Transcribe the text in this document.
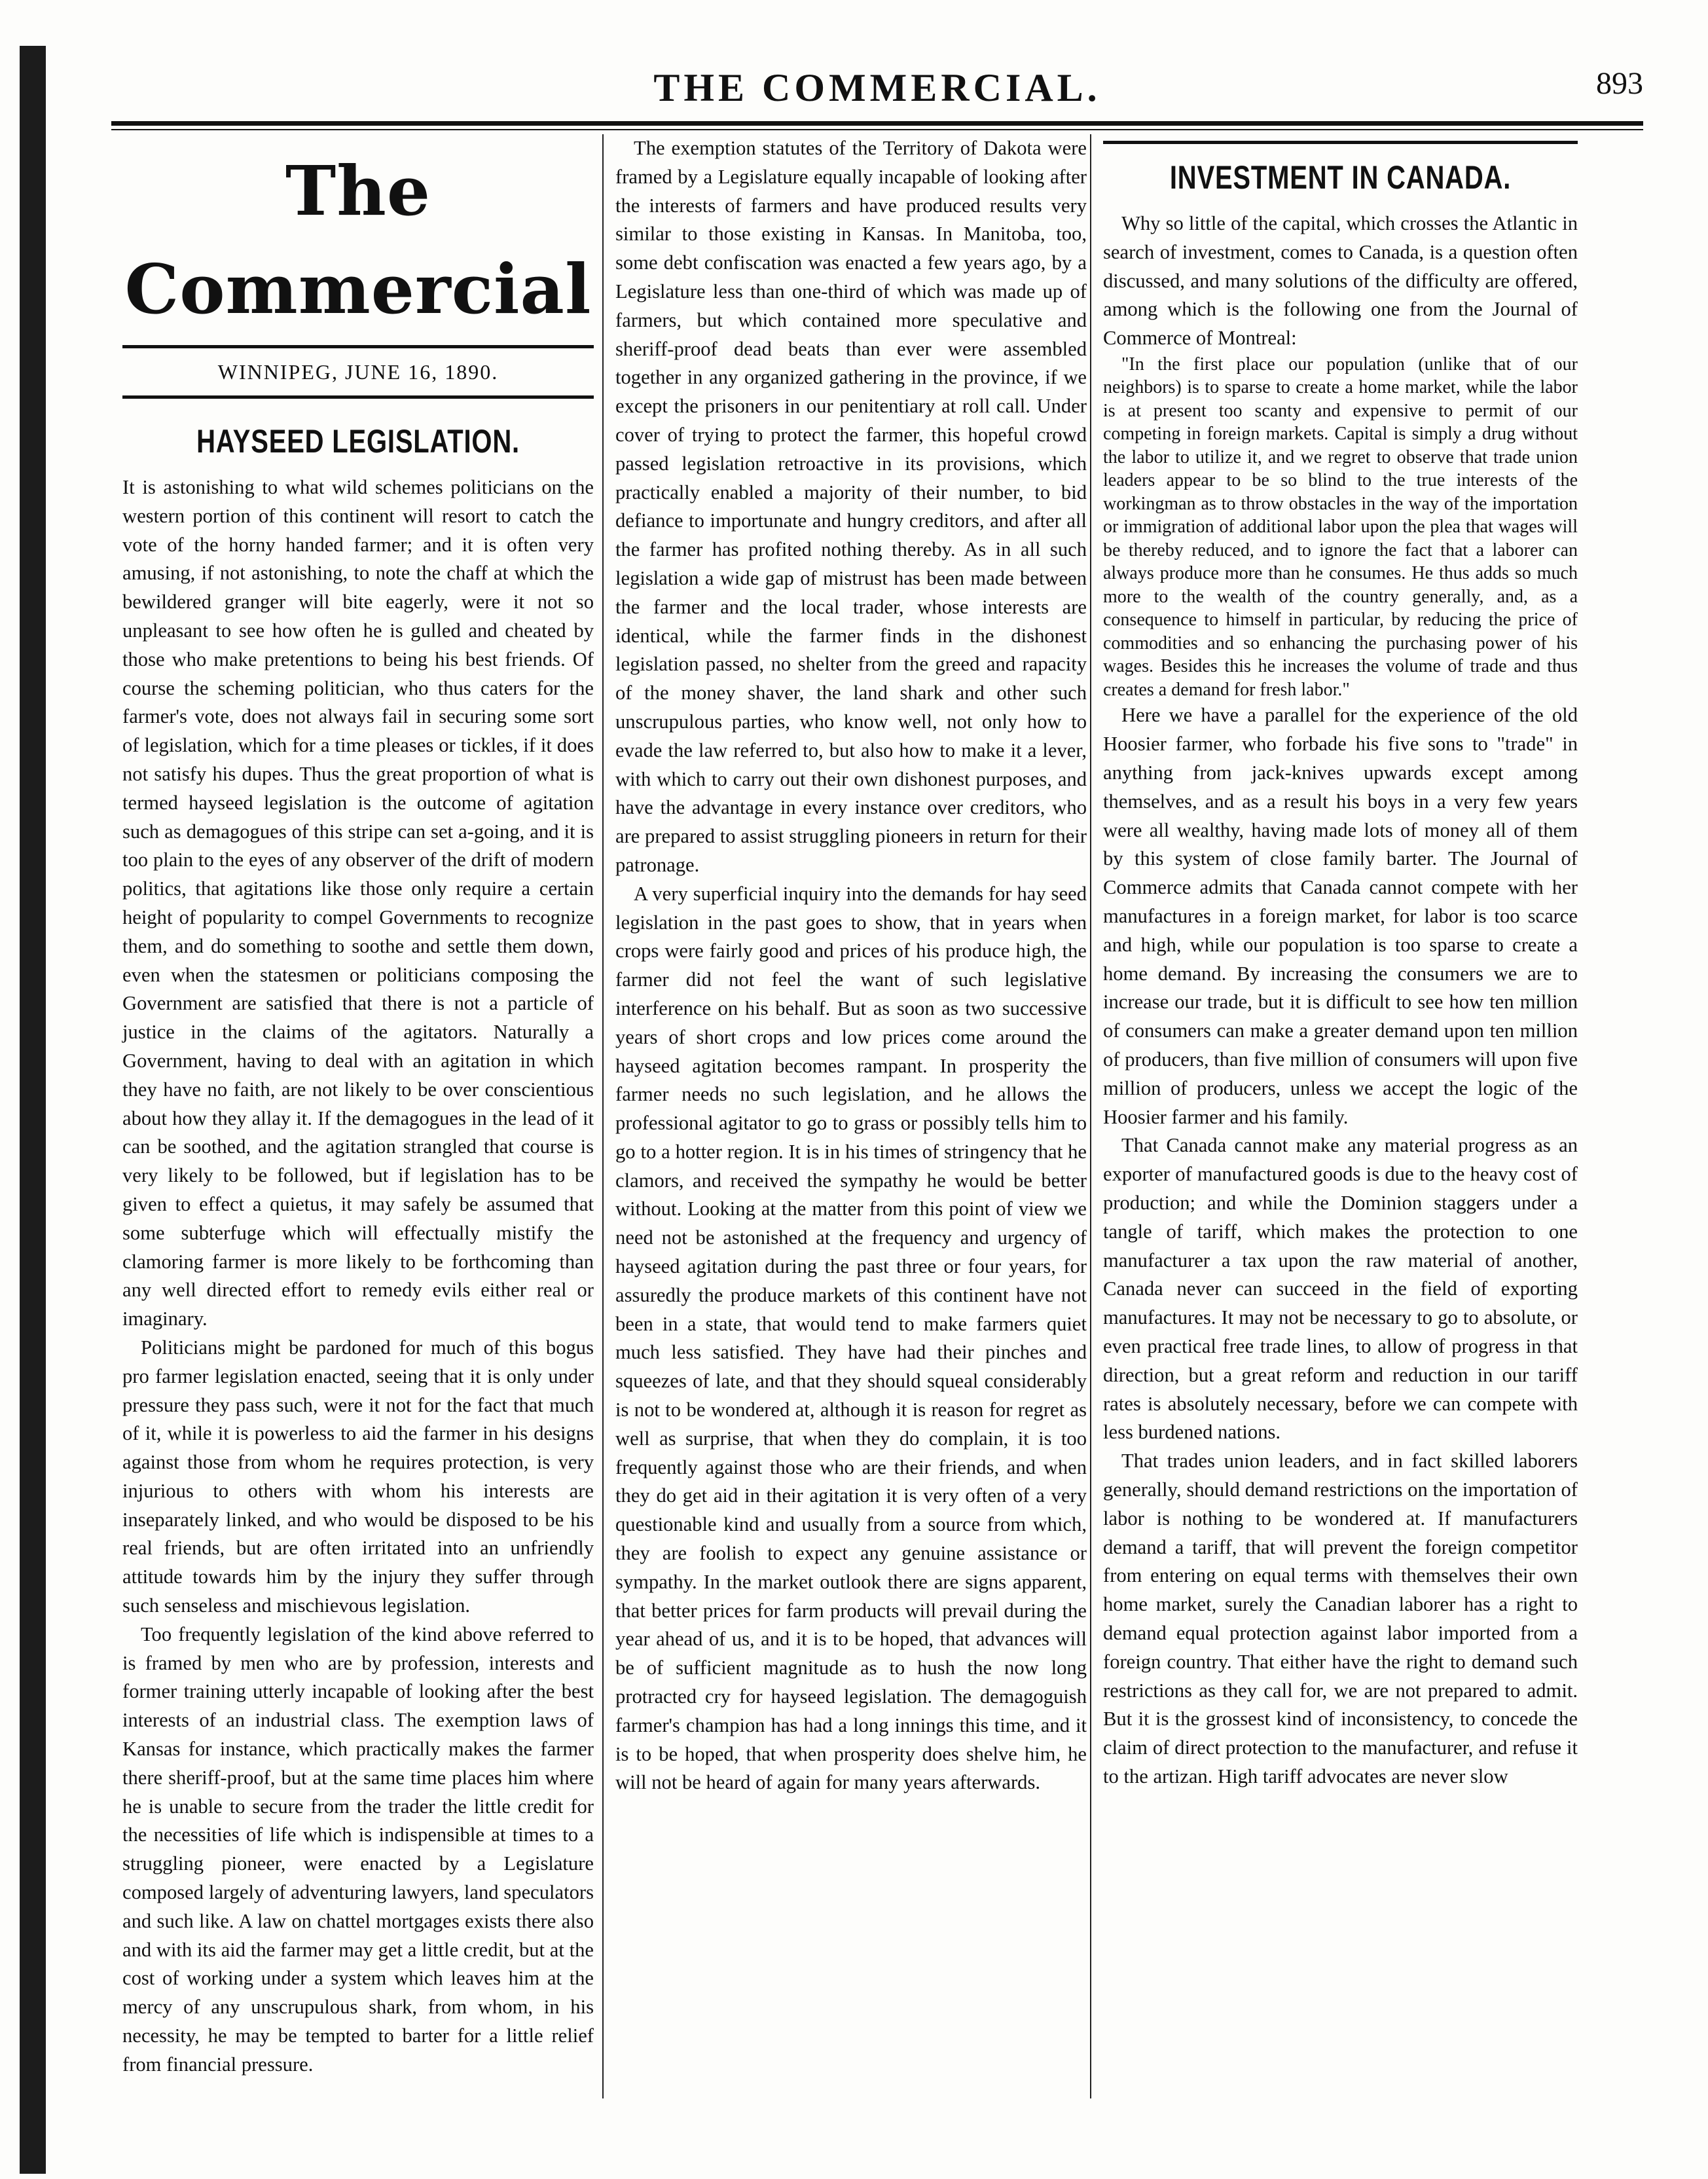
THE COMMERCIAL.	893
The Commercial
WINNIPEG, JUNE 16, 1890.
HAYSEED LEGISLATION.

It is astonishing to what wild schemes politicians on the western portion of this continent will resort to catch the vote of the horny handed farmer; and it is often very amusing, if not astonishing, to note the chaff at which the bewildered granger will bite eagerly, were it not so unpleasant to see how often he is gulled and cheated by those who make pretentions to being his best friends. Of course the scheming politician, who thus caters for the farmer's vote, does not always fail in securing some sort of legislation, which for a time pleases or tickles, if it does not satisfy his dupes. Thus the great proportion of what is termed hayseed legislation is the outcome of agitation such as demagogues of this stripe can set a-going, and it is too plain to the eyes of any observer of the drift of modern politics, that agitations like those only require a certain height of popularity to compel Governments to recognize them, and do something to soothe and settle them down, even when the statesmen or politicians composing the Government are satisfied that there is not a particle of justice in the claims of the agitators. Naturally a Government, having to deal with an agitation in which they have no faith, are not likely to be over conscientious about how they allay it. If the demagogues in the lead of it can be soothed, and the agitation strangled that course is very likely to be followed, but if legislation has to be given to effect a quietus, it may safely be assumed that some subterfuge which will effectually mistify the clamoring farmer is more likely to be forthcoming than any well directed effort to remedy evils either real or imaginary.

Politicians might be pardoned for much of this bogus pro farmer legislation enacted, seeing that it is only under pressure they pass such, were it not for the fact that much of it, while it is powerless to aid the farmer in his designs against those from whom he requires protection, is very injurious to others with whom his interests are inseparately linked, and who would be disposed to be his real friends, but are often irritated into an unfriendly attitude towards him by the injury they suffer through such senseless and mischievous legislation.

Too frequently legislation of the kind above referred to is framed by men who are by profession, interests and former training utterly incapable of looking after the best interests of an industrial class. The exemption laws of Kansas for instance, which practically makes the farmer there sheriff-proof, but at the same time places him where he is unable to secure from the trader the little credit for the necessities of life which is indispensible at times to a struggling pioneer, were enacted by a Legislature composed largely of adventuring lawyers, land speculators and such like. A law on chattel mortgages exists there also and with its aid the farmer may get a little credit, but at the cost of working under a system which leaves him at the mercy of any unscrupulous shark, from whom, in his necessity, he may be tempted to barter for a little relief from financial pressure.

The exemption statutes of the Territory of Dakota were framed by a Legislature equally incapable of looking after the interests of farmers and have produced results very similar to those existing in Kansas. In Manitoba, too, some debt confiscation was enacted a few years ago, by a Legislature less than one-third of which was made up of farmers, but which contained more speculative and sheriff-proof dead beats than ever were assembled together in any organized gathering in the province, if we except the prisoners in our penitentiary at roll call. Under cover of trying to protect the farmer, this hopeful crowd passed legislation retroactive in its provisions, which practically enabled a majority of their number, to bid defiance to importunate and hungry creditors, and after all the farmer has profited nothing thereby. As in all such legislation a wide gap of mistrust has been made between the farmer and the local trader, whose interests are identical, while the farmer finds in the dishonest legislation passed, no shelter from the greed and rapacity of the money shaver, the land shark and other such unscrupulous parties, who know well, not only how to evade the law referred to, but also how to make it a lever, with which to carry out their own dishonest purposes, and have the advantage in every instance over creditors, who are prepared to assist struggling pioneers in return for their patronage.

A very superficial inquiry into the demands for hay seed legislation in the past goes to show, that in years when crops were fairly good and prices of his produce high, the farmer did not feel the want of such legislative interference on his behalf. But as soon as two successive years of short crops and low prices come around the hayseed agitation becomes rampant. In prosperity the farmer needs no such legislation, and he allows the professional agitator to go to grass or possibly tells him to go to a hotter region. It is in his times of stringency that he clamors, and received the sympathy he would be better without. Looking at the matter from this point of view we need not be astonished at the frequency and urgency of hayseed agitation during the past three or four years, for assuredly the produce markets of this continent have not been in a state, that would tend to make farmers quiet much less satisfied. They have had their pinches and squeezes of late, and that they should squeal considerably is not to be wondered at, although it is reason for regret as well as surprise, that when they do complain, it is too frequently against those who are their friends, and when they do get aid in their agitation it is very often of a very questionable kind and usually from a source from which, they are foolish to expect any genuine assistance or sympathy. In the market outlook there are signs apparent, that better prices for farm products will prevail during the year ahead of us, and it is to be hoped, that advances will be of sufficient magnitude as to hush the now long protracted cry for hayseed legislation. The demagoguish farmer's champion has had a long innings this time, and it is to be hoped, that when prosperity does shelve him, he will not be heard of again for many years afterwards.

INVESTMENT IN CANADA.

Why so little of the capital, which crosses the Atlantic in search of investment, comes to Canada, is a question often discussed, and many solutions of the difficulty are offered, among which is the following one from the Journal of Commerce of Montreal:

"In the first place our population (unlike that of our neighbors) is to sparse to create a home market, while the labor is at present too scanty and expensive to permit of our competing in foreign markets. Capital is simply a drug without the labor to utilize it, and we regret to observe that trade union leaders appear to be so blind to the true interests of the workingman as to throw obstacles in the way of the importation or immigration of additional labor upon the plea that wages will be thereby reduced, and to ignore the fact that a laborer can always produce more than he consumes. He thus adds so much more to the wealth of the country generally, and, as a consequence to himself in particular, by reducing the price of commodities and so enhancing the purchasing power of his wages. Besides this he increases the volume of trade and thus creates a demand for fresh labor."

Here we have a parallel for the experience of the old Hoosier farmer, who forbade his five sons to "trade" in anything from jack-knives upwards except among themselves, and as a result his boys in a very few years were all wealthy, having made lots of money all of them by this system of close family barter. The Journal of Commerce admits that Canada cannot compete with her manufactures in a foreign market, for labor is too scarce and high, while our population is too sparse to create a home demand. By increasing the consumers we are to increase our trade, but it is difficult to see how ten million of consumers can make a greater demand upon ten million of producers, than five million of consumers will upon five million of producers, unless we accept the logic of the Hoosier farmer and his family.

That Canada cannot make any material progress as an exporter of manufactured goods is due to the heavy cost of production; and while the Dominion staggers under a tangle of tariff, which makes the protection to one manufacturer a tax upon the raw material of another, Canada never can succeed in the field of exporting manufactures. It may not be necessary to go to absolute, or even practical free trade lines, to allow of progress in that direction, but a great reform and reduction in our tariff rates is absolutely necessary, before we can compete with less burdened nations.

That trades union leaders, and in fact skilled laborers generally, should demand restrictions on the importation of labor is nothing to be wondered at. If manufacturers demand a tariff, that will prevent the foreign competitor from entering on equal terms with themselves their own home market, surely the Canadian laborer has a right to demand equal protection against labor imported from a foreign country. That either have the right to demand such restrictions as they call for, we are not prepared to admit. But it is the grossest kind of inconsistency, to concede the claim of direct protection to the manufacturer, and refuse it to the artizan. High tariff advocates are never slow
